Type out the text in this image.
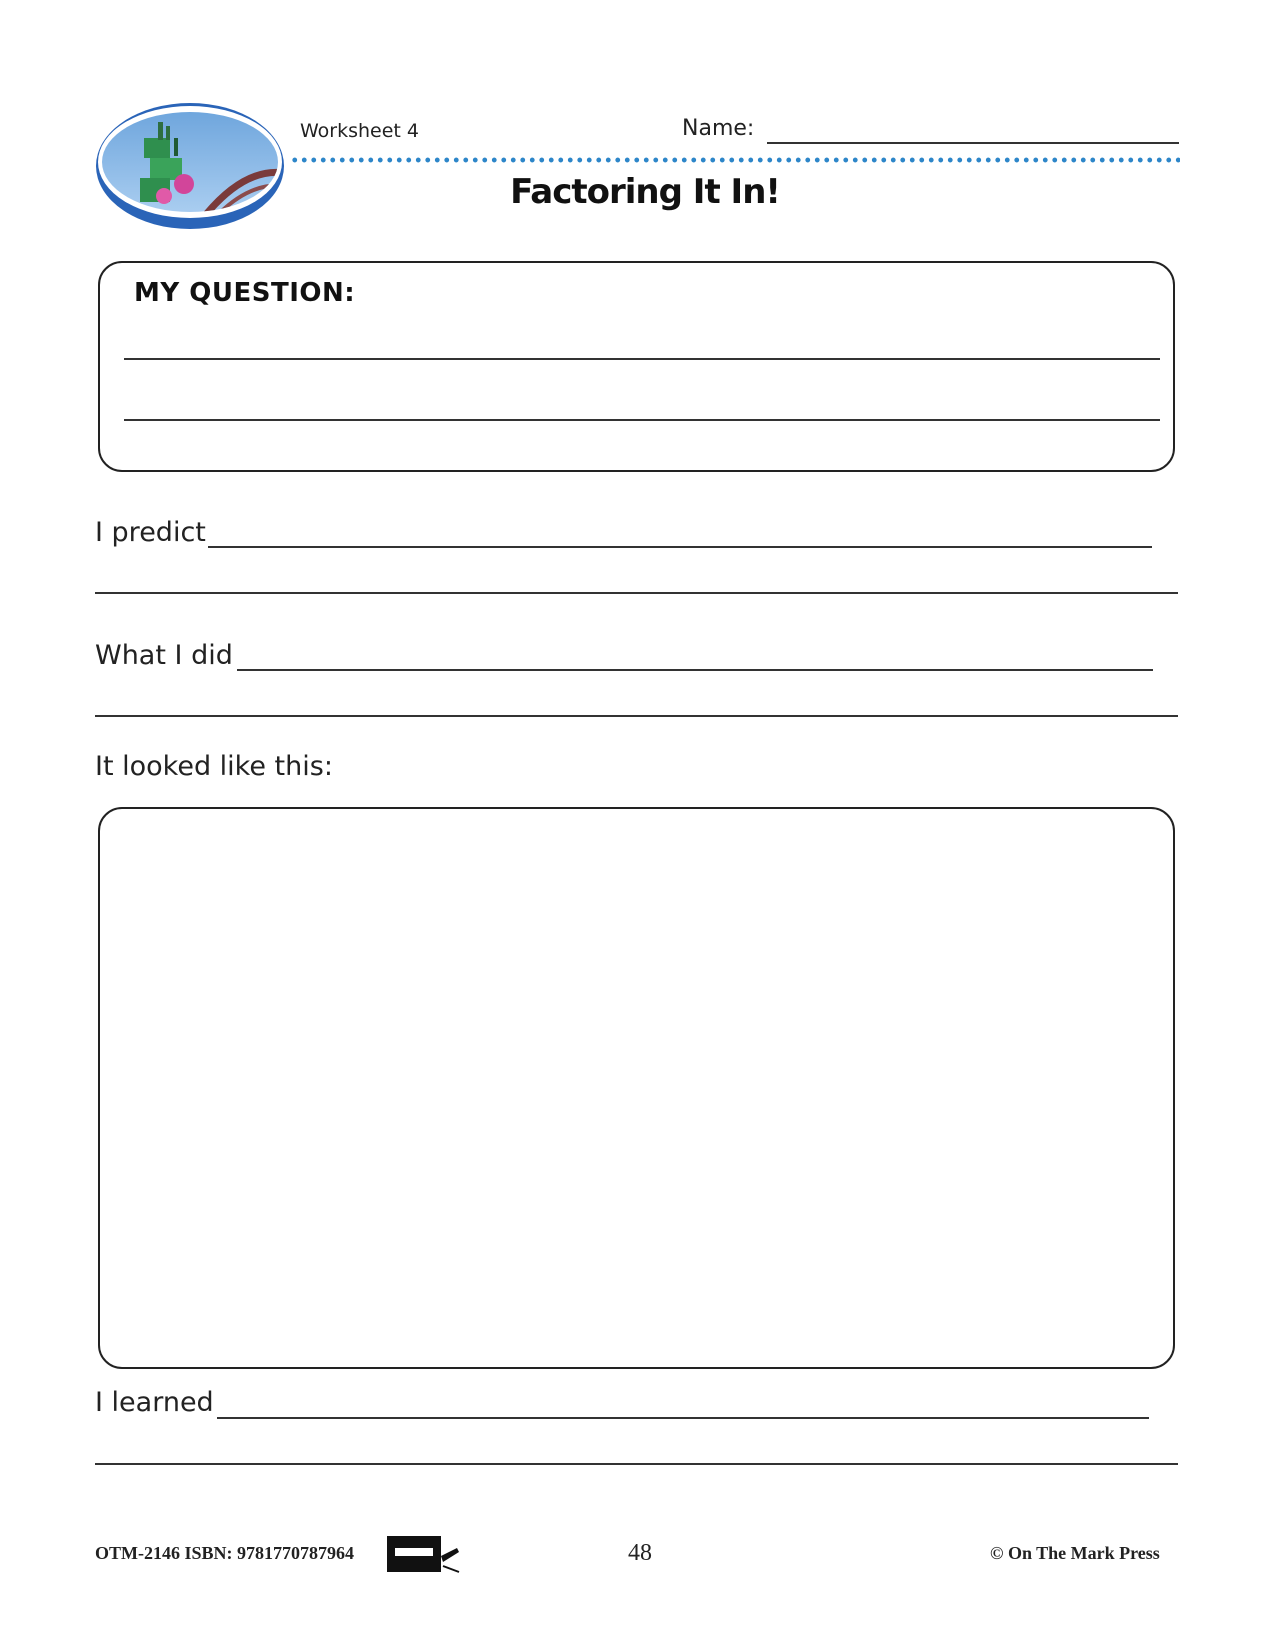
Worksheet 4	Name:
Factoring It In!
MY QUESTION:
I predict
What I did
It looked like this:
I learned
OTM-2146 ISBN: 9781770787964	48	© On The Mark Press
